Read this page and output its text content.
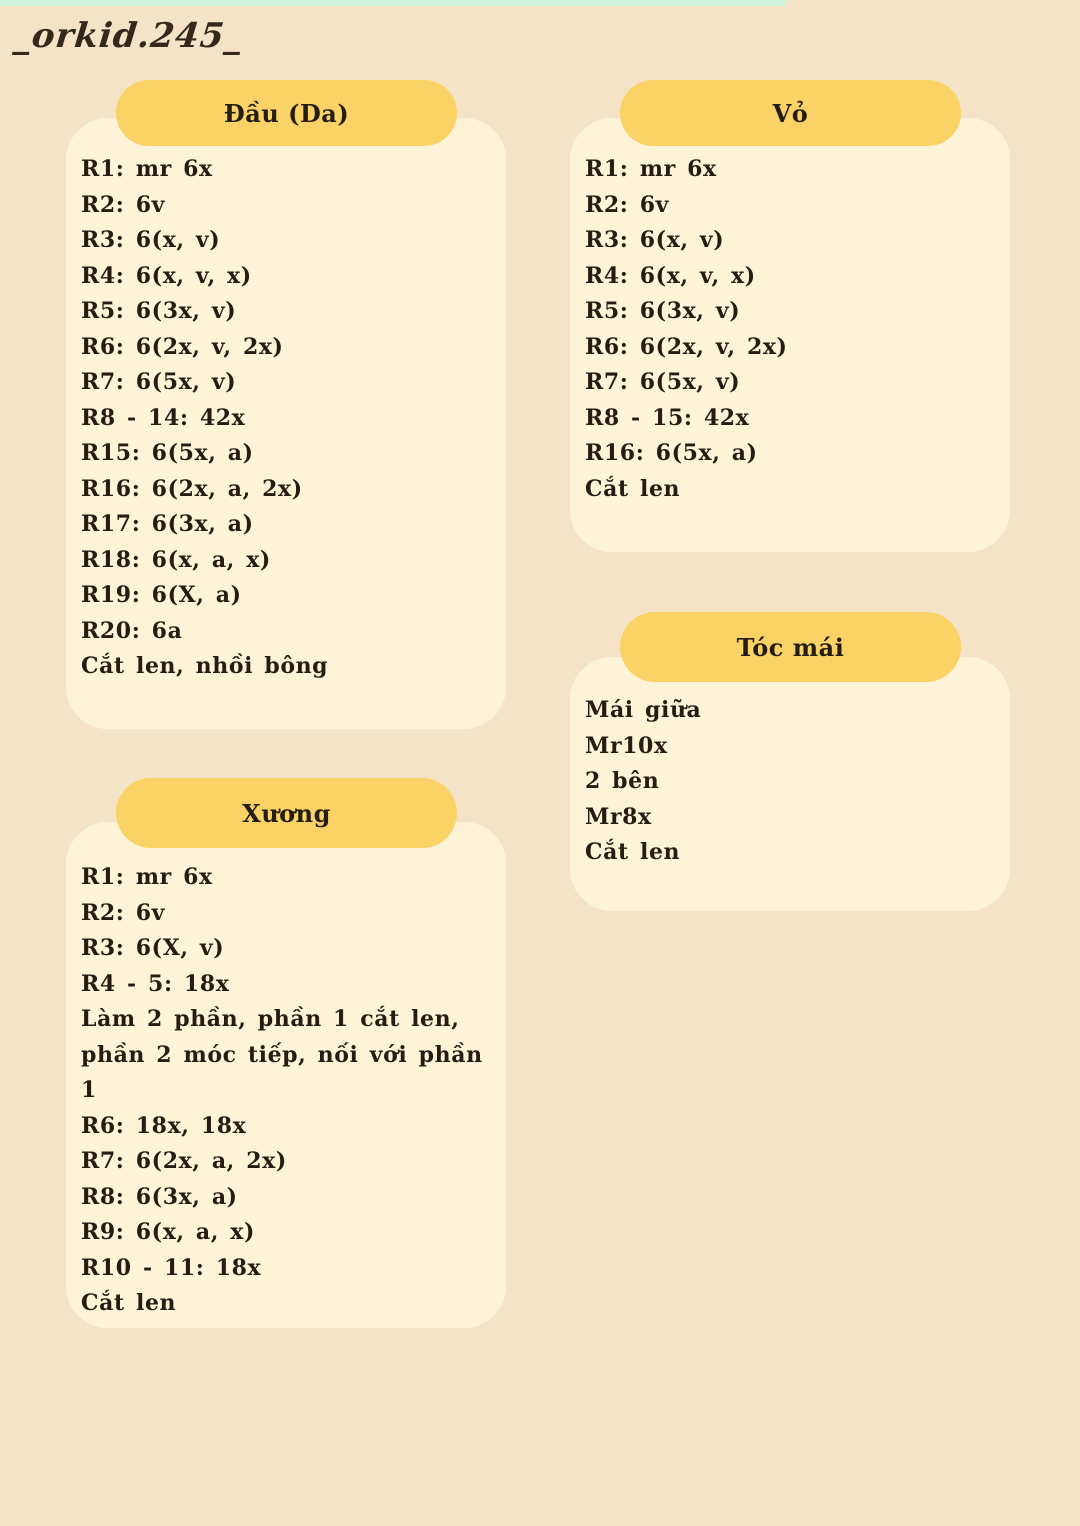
_orkid.245_
Đầu (Da)
R1: mr 6x
R2: 6v
R3: 6(x, v)
R4: 6(x, v, x)
R5: 6(3x, v)
R6: 6(2x, v, 2x)
R7: 6(5x, v)
R8 - 14: 42x
R15: 6(5x, a)
R16: 6(2x, a, 2x)
R17: 6(3x, a)
R18: 6(x, a, x)
R19: 6(X, a)
R20: 6a
Cắt len, nhồi bông
Vỏ
R1: mr 6x
R2: 6v
R3: 6(x, v)
R4: 6(x, v, x)
R5: 6(3x, v)
R6: 6(2x, v, 2x)
R7: 6(5x, v)
R8 - 15: 42x
R16: 6(5x, a)
Cắt len
Tóc mái
Mái giữa
Mr10x
2 bên
Mr8x
Cắt len
Xương
R1: mr 6x
R2: 6v
R3: 6(X, v)
R4 - 5: 18x
Làm 2 phần, phần 1 cắt len, phần 2 móc tiếp, nối với phần 1
R6: 18x, 18x
R7: 6(2x, a, 2x)
R8: 6(3x, a)
R9: 6(x, a, x)
R10 - 11: 18x
Cắt len
